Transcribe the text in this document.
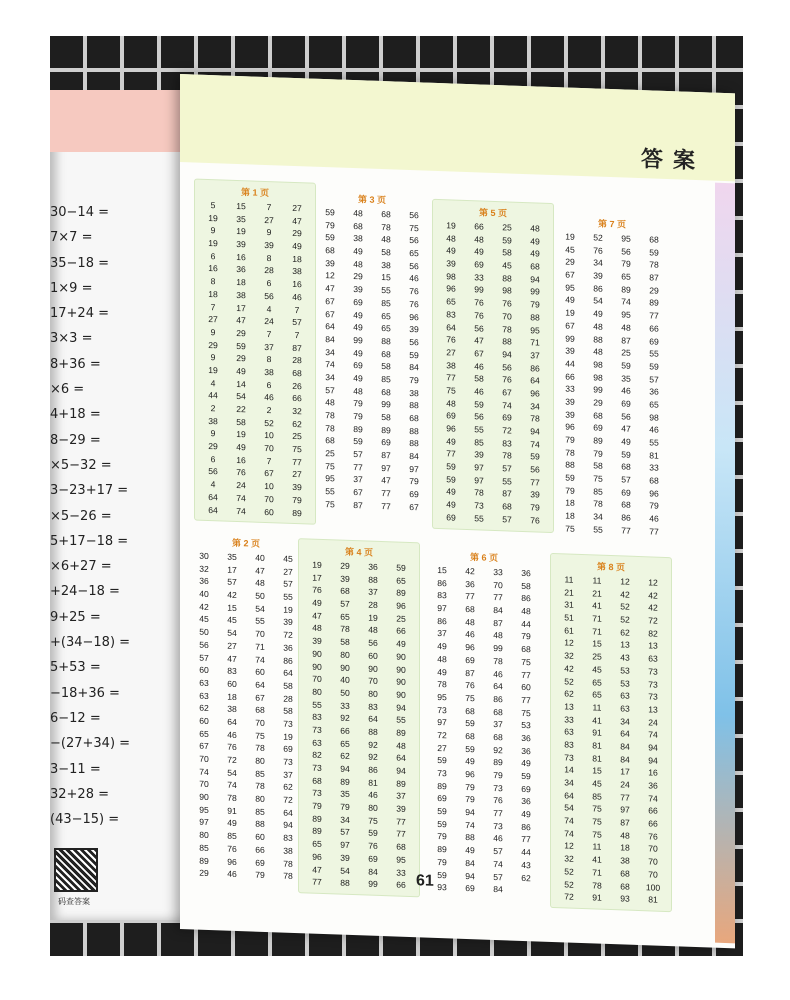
30−14 =
7×7 =
35−18 =
1×9 =
17+24 =
3×3 =
8+36 =
×6 =
4+18 =
8−29 =
×5−32 =
3−23+17 =
×5−26 =
5+17−18 =
×6+27 =
+24−18 =
9+25 =
+(34−18) =
5+53 =
−18+36 =
6−12 =
−(27+34) =
3−11 =
32+28 =
(43−15) =
码查答案
答案
第 1 页
5	15	7	27
19	35	27	47
9	19	9	29
19	39	39	49
6	16	8	18
16	36	28	38
8	18	6	16
18	38	56	46
7	17	4	7
27	47	24	57
9	29	7	7
29	59	37	87
9	29	8	28
19	49	38	68
4	14	6	26
44	54	46	66
2	22	2	32
38	58	52	62
9	19	10	25
29	49	70	75
6	16	7	77
56	76	67	27
4	24	10	39
64	74	70	79
64	74	60	89
第 3 页
59	48	68	56
79	68	78	75
59	38	48	56
68	49	58	65
39	48	38	56
12	29	15	46
47	39	55	76
67	69	85	76
67	49	65	96
64	49	65	39
84	99	88	56
34	49	68	59
74	69	58	84
34	49	85	79
57	48	68	38
48	79	99	88
78	79	58	68
78	89	89	88
68	59	69	88
25	57	87	84
75	77	97	97
95	37	47	79
55	67	77	69
75	87	77	67
第 5 页
19	66	25	48
48	48	59	49
49	49	58	49
39	69	45	68
98	33	88	94
96	99	98	99
65	76	76	79
83	76	70	88
64	56	78	95
76	47	88	71
27	67	94	37
38	46	56	86
77	58	76	64
75	46	67	96
48	59	74	34
69	56	69	78
96	55	72	94
49	85	83	74
77	39	78	59
59	97	57	56
59	97	55	77
49	78	87	39
49	73	68	79
69	55	57	76
第 7 页
19	52	95	68
45	76	56	59
29	34	79	78
67	39	65	87
95	86	89	29
49	54	74	89
19	49	95	77
67	48	48	66
99	88	87	69
39	48	25	55
44	98	59	59
66	98	35	57
33	99	46	36
39	29	69	65
39	68	56	98
96	69	47	46
79	89	49	55
78	79	59	81
88	58	68	33
59	75	57	68
79	85	69	96
18	78	68	79
18	34	86	46
75	55	77	77
第 2 页
30	35	40	45
32	17	47	27
36	57	48	57
40	42	50	55
42	15	54	19
45	45	55	39
50	54	70	72
56	27	71	36
57	47	74	86
60	83	60	64
63	60	64	58
63	18	67	28
62	38	68	58
60	64	70	73
65	46	75	19
67	76	78	69
70	72	80	73
74	54	85	37
70	74	78	62
90	78	80	72
95	91	85	64
97	49	88	94
80	85	60	83
85	76	66	38
89	96	69	78
29	46	79	78
第 4 页
19	29	36	59
17	39	88	65
76	68	37	89
49	57	28	96
47	65	19	25
48	78	48	66
39	58	56	49
90	80	60	90
90	90	90	90
70	40	70	90
80	50	80	90
55	33	83	94
83	92	64	55
73	66	88	89
63	65	92	48
82	62	92	64
73	94	86	94
68	89	81	89
73	35	46	37
79	79	80	39
89	34	75	77
89	57	59	77
65	97	76	68
96	39	69	95
47	54	84	33
77	88	99	66
第 6 页
15	42	33	36
86	36	70	58
83	77	77	86
97	68	84	48
86	48	87	44
37	46	48	79
49	96	99	68
48	69	78	75
49	87	46	77
78	76	64	60
95	75	86	77
73	68	68	75
97	59	37	53
72	68	68	36
27	59	92	36
59	49	89	49
73	96	79	59
89	79	73	69
69	79	76	36
59	94	77	49
59	74	73	86
79	88	46	77
89	49	57	44
79	84	74	43
59	94	57	62
93	69	84
第 8 页
11	11	12	12
21	21	42	42
31	41	52	42
51	71	52	72
61	71	62	82
12	15	13	13
32	25	43	63
42	45	53	73
52	65	53	73
62	65	63	73
13	11	63	13
33	41	34	24
63	91	64	74
83	81	84	94
73	81	84	94
14	15	17	16
34	45	24	36
64	85	77	74
54	75	97	66
74	75	87	66
74	75	48	76
12	11	18	70
32	41	38	70
52	71	68	70
52	78	68	100
72	91	93	81
61
